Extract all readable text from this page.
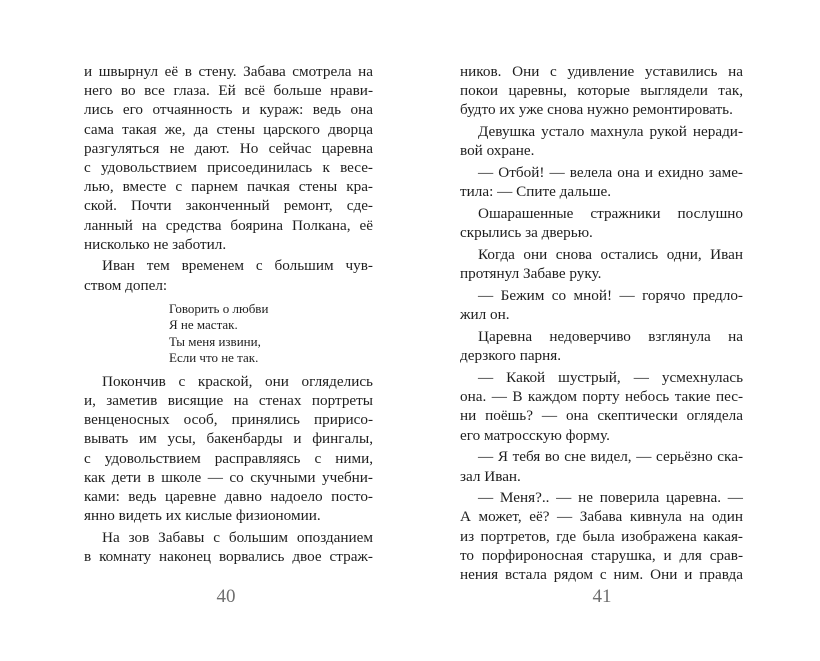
и швырнул её в стену. Забава смотрела на
него во все глаза. Ей всё больше нрави-
лись его отчаянность и кураж: ведь она
сама такая же, да стены царского дворца
разгуляться не дают. Но сейчас царевна
с удовольствием присоединилась к весе-
лью, вместе с парнем пачкая стены кра-
ской. Почти законченный ремонт, сде-
ланный на средства боярина Полкана, её
нисколько не заботил.
Иван тем временем с большим чув-
ством допел:
Говорить о любви
Я не мастак.
Ты меня извини,
Если что не так.
Покончив с краской, они огляделись
и, заметив висящие на стенах портреты
венценосных особ, принялись пририсо-
вывать им усы, бакенбарды и фингалы,
с удовольствием расправляясь с ними,
как дети в школе — со скучными учебни-
ками: ведь царевне давно надоело посто-
янно видеть их кислые физиономии.
На зов Забавы с большим опозданием
в комнату наконец ворвались двое страж-
ников. Они с удивление уставились на
покои царевны, которые выглядели так,
будто их уже снова нужно ремонтировать.
Девушка устало махнула рукой неради-
вой охране.
— Отбой! — велела она и ехидно заме-
тила: — Спите дальше.
Ошарашенные стражники послушно
скрылись за дверью.
Когда они снова остались одни, Иван
протянул Забаве руку.
— Бежим со мной! — горячо предло-
жил он.
Царевна недоверчиво взглянула на
дерзкого парня.
— Какой шустрый, — усмехнулась
она. — В каждом порту небось такие пес-
ни поёшь? — она скептически оглядела
его матросскую форму.
— Я тебя во сне видел, — серьёзно ска-
зал Иван.
— Меня?.. — не поверила царевна. —
А может, её? — Забава кивнула на один
из портретов, где была изображена какая-
то порфироносная старушка, и для срав-
нения встала рядом с ним. Они и правда
40	41
